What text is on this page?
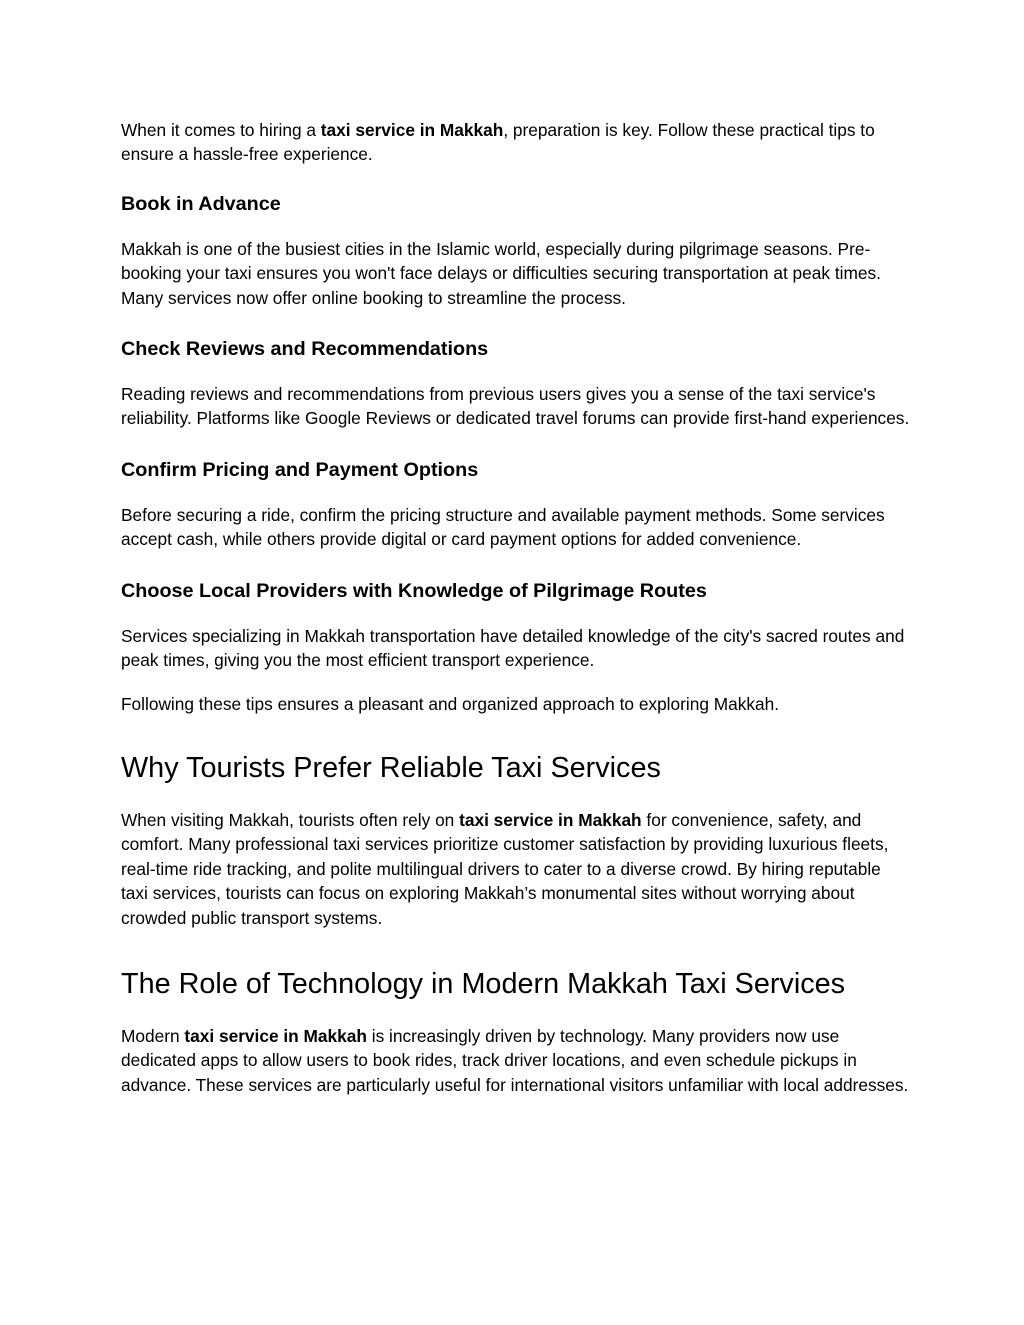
When it comes to hiring a taxi service in Makkah, preparation is key. Follow these practical tips to ensure a hassle-free experience.

Book in Advance

Makkah is one of the busiest cities in the Islamic world, especially during pilgrimage seasons. Pre-booking your taxi ensures you won't face delays or difficulties securing transportation at peak times. Many services now offer online booking to streamline the process.

Check Reviews and Recommendations

Reading reviews and recommendations from previous users gives you a sense of the taxi service's reliability. Platforms like Google Reviews or dedicated travel forums can provide first-hand experiences.

Confirm Pricing and Payment Options

Before securing a ride, confirm the pricing structure and available payment methods. Some services accept cash, while others provide digital or card payment options for added convenience.

Choose Local Providers with Knowledge of Pilgrimage Routes

Services specializing in Makkah transportation have detailed knowledge of the city's sacred routes and peak times, giving you the most efficient transport experience.

Following these tips ensures a pleasant and organized approach to exploring Makkah.

Why Tourists Prefer Reliable Taxi Services

When visiting Makkah, tourists often rely on taxi service in Makkah for convenience, safety, and comfort. Many professional taxi services prioritize customer satisfaction by providing luxurious fleets, real-time ride tracking, and polite multilingual drivers to cater to a diverse crowd. By hiring reputable taxi services, tourists can focus on exploring Makkah’s monumental sites without worrying about crowded public transport systems.

The Role of Technology in Modern Makkah Taxi Services

Modern taxi service in Makkah is increasingly driven by technology. Many providers now use dedicated apps to allow users to book rides, track driver locations, and even schedule pickups in advance. These services are particularly useful for international visitors unfamiliar with local addresses.
